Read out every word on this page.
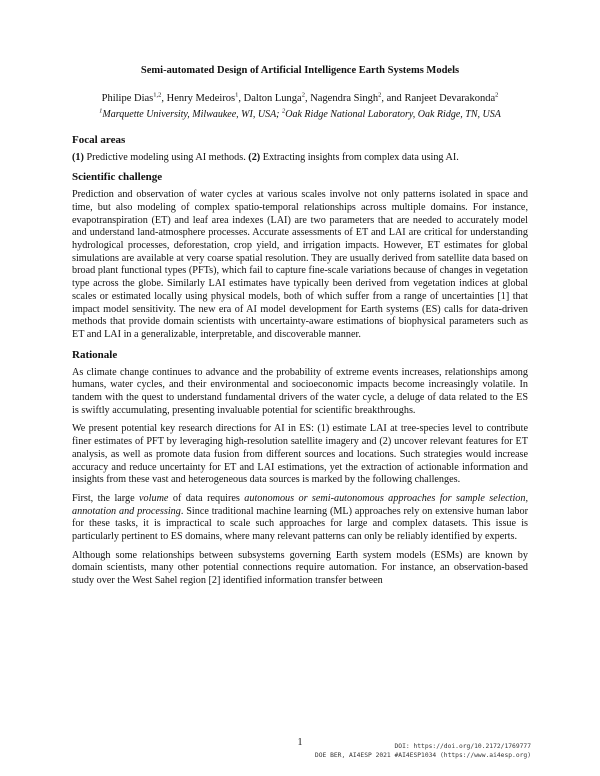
Semi-automated Design of Artificial Intelligence Earth Systems Models
Philipe Dias$^{1,2}$, Henry Medeiros$^1$, Dalton Lunga$^2$, Nagendra Singh$^2$, and Ranjeet Devarakonda$^2$
$^1$Marquette University, Milwaukee, WI, USA; $^2$Oak Ridge National Laboratory, Oak Ridge, TN, USA
Focal areas

(1) Predictive modeling using AI methods. (2) Extracting insights from complex data using AI.

Scientific challenge

Prediction and observation of water cycles at various scales involve not only patterns isolated in space and time, but also modeling of complex spatio-temporal relationships across multiple domains. For instance, evapotranspiration (ET) and leaf area indexes (LAI) are two parameters that are needed to accurately model and understand land-atmosphere processes. Accurate assessments of ET and LAI are critical for understanding hydrological processes, deforestation, crop yield, and irrigation impacts. However, ET estimates for global simulations are available at very coarse spatial resolution. They are usually derived from satellite data based on broad plant functional types (PFTs), which fail to capture fine-scale variations because of changes in vegetation type across the globe. Similarly LAI estimates have typically been derived from vegetation indices at global scales or estimated locally using physical models, both of which suffer from a range of uncertainties [1] that impact model sensitivity. The new era of AI model development for Earth systems (ES) calls for data-driven methods that provide domain scientists with uncertainty-aware estimations of biophysical parameters such as ET and LAI in a generalizable, interpretable, and discoverable manner.

Rationale

As climate change continues to advance and the probability of extreme events increases, relationships among humans, water cycles, and their environmental and socioeconomic impacts become increasingly volatile. In tandem with the quest to understand fundamental drivers of the water cycle, a deluge of data related to the ES is swiftly accumulating, presenting invaluable potential for scientific breakthroughs.

We present potential key research directions for AI in ES: (1) estimate LAI at tree-species level to contribute finer estimates of PFT by leveraging high-resolution satellite imagery and (2) uncover relevant features for ET analysis, as well as promote data fusion from different sources and locations. Such strategies would increase accuracy and reduce uncertainty for ET and LAI estimations, yet the extraction of actionable information and insights from these vast and heterogeneous data sources is marked by the following challenges.

First, the large volume of data requires autonomous or semi-autonomous approaches for sample selection, annotation and processing. Since traditional machine learning (ML) approaches rely on extensive human labor for these tasks, it is impractical to scale such approaches for large and complex datasets. This issue is particularly pertinent to ES domains, where many relevant patterns can only be reliably identified by experts.

Although some relationships between subsystems governing Earth system models (ESMs) are known by domain scientists, many other potential connections require automation. For instance, an observation-based study over the West Sahel region [2] identified information transfer between

1	DOI: https://doi.org/10.2172/1769777
DOE BER, AI4ESP 2021 #AI4ESP1034 (https://www.ai4esp.org)
